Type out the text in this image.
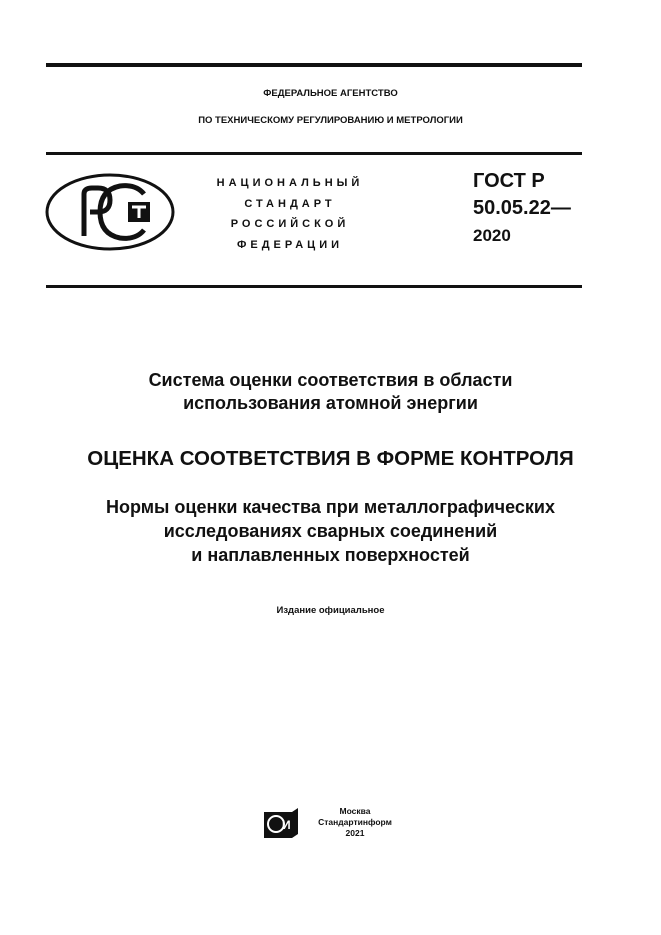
ФЕДЕРАЛЬНОЕ АГЕНТСТВО
ПО ТЕХНИЧЕСКОМУ РЕГУЛИРОВАНИЮ И МЕТРОЛОГИИ
НАЦИОНАЛЬНЫЙ
СТАНДАРТ
РОССИЙСКОЙ
ФЕДЕРАЦИИ
ГОСТ Р
50.05.22—
2020
Система оценки соответствия в области
использования атомной энергии
ОЦЕНКА СООТВЕТСТВИЯ В ФОРМЕ КОНТРОЛЯ
Нормы оценки качества при металлографических
исследованиях сварных соединений
и наплавленных поверхностей
Издание официальное
И
Москва
Стандартинформ
2021
